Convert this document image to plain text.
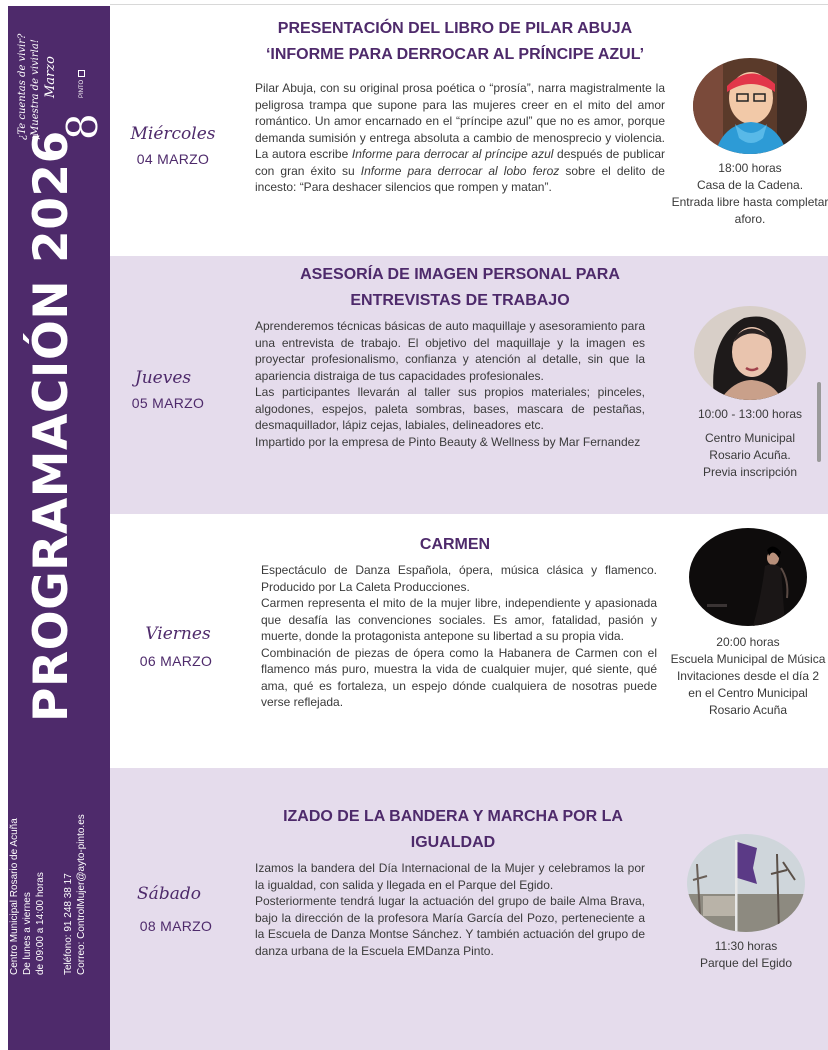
¿Te cuentas de vivir? ¡Muestra de vivirla! Marzo
8
PINTO
PROGRAMACIÓN 2026
Centro Municipal Rosario de Acuña De lunes a viernes de 09:00 a 14:00 horas Teléfono: 91 248 38 17 Correo: ControlMujer@ayto-pinto.es
PRESENTACIÓN DEL LIBRO DE PILAR ABUJA
‘INFORME PARA DERROCAR AL PRÍNCIPE AZUL’
Miércoles
04 MARZO

Pilar Abuja, con su original prosa poética o “prosía”, narra magistralmente la peligrosa trampa que supone para las mujeres creer en el mito del amor romántico. Un amor encarnado en el “príncipe azul” que no es amor, porque demanda sumisión y entrega absoluta a cambio de menosprecio y violencia. La autora escribe Informe para derrocar al príncipe azul después de publicar con gran éxito su Informe para derrocar al lobo feroz sobre el delito de incesto: “Para deshacer silencios que rompen y matan”.

18:00 horas
Casa de la Cadena.
Entrada libre hasta completar
aforo.
ASESORÍA DE IMAGEN PERSONAL PARA
ENTREVISTAS DE TRABAJO
Jueves
05 MARZO

Aprenderemos técnicas básicas de auto maquillaje y asesoramiento para una entrevista de trabajo. El objetivo del maquillaje y la imagen es proyectar profesionalismo, confianza y atención al detalle, sin que la apariencia distraiga de tus capacidades profesionales.

Las participantes llevarán al taller sus propios materiales; pinceles, algodones, espejos, paleta sombras, bases, mascara de pestañas, desmaquillador, lápiz cejas, labiales, delineadores etc.

Impartido por la empresa de Pinto Beauty & Wellness by Mar Fernandez

10:00 - 13:00 horas
Centro Municipal
Rosario Acuña.
Previa inscripción
CARMEN
Viernes
06 MARZO

Espectáculo de Danza Española, ópera, música clásica y flamenco. Producido por La Caleta Producciones.

Carmen representa el mito de la mujer libre, independiente y apasionada que desafía las convenciones sociales. Es amor, fatalidad, pasión y muerte, donde la protagonista antepone su libertad a su propia vida.

Combinación de piezas de ópera como la Habanera de Carmen con el flamenco más puro, muestra la vida de cualquier mujer, qué siente, qué ama, qué es fortaleza, un espejo dónde cualquiera de nosotras puede verse reflejada.

20:00 horas
Escuela Municipal de Música
Invitaciones desde el día 2
en el Centro Municipal
Rosario Acuña
IZADO DE LA BANDERA Y MARCHA POR LA
IGUALDAD
Sábado
08 MARZO

Izamos la bandera del Día Internacional de la Mujer y celebramos la por la igualdad, con salida y llegada en el Parque del Egido.

Posteriormente tendrá lugar la actuación del grupo de baile Alma Brava, bajo la dirección de la profesora María García del Pozo, perteneciente a la Escuela de Danza Montse Sánchez. Y también actuación del grupo de danza urbana de la Escuela EMDanza Pinto.	11:30 horas
Parque del Egido
